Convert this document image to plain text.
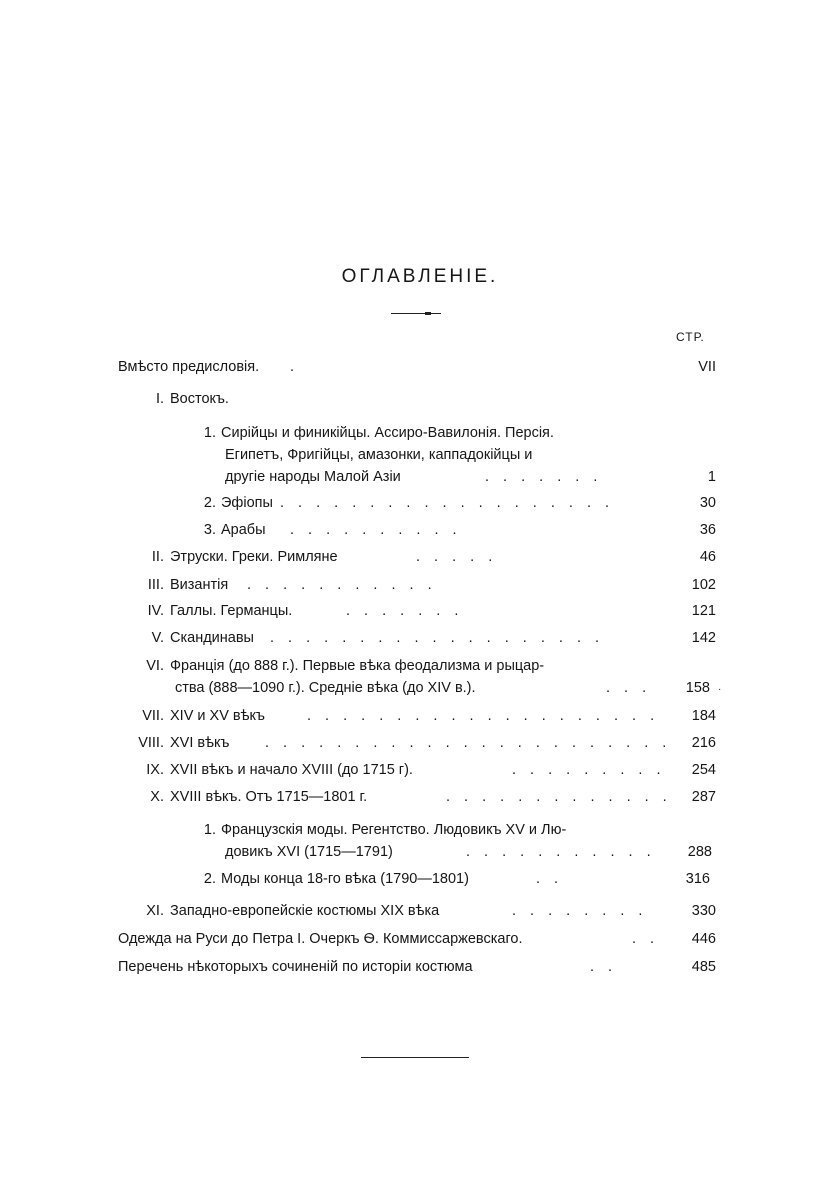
ОГЛАВЛЕНIЕ.
СТР.
Вмѣсто предисловія. .	VII
I. Востокъ.
1. Сирійцы и финикійцы. Ассиро-Вавилонія. Персія.
Египетъ, Фригійцы, амазонки, каппадокійцы и
другіе народы Малой Азіи	. . . . . . .	1
2. Эфіопы . . . . . . . . . . . . . . . . . . .	30
3. Арабы . . . . . . . . . .	36
II. Этруски. Греки. Римляне	. . . . .	46
III. Византія . . . . . . . . . . .	102
IV. Галлы. Германцы.	. . . . . . .	121
V. Скандинавы . . . . . . . . . . . . . . . . . . .	142
VI. Францiя (до 888 г.). Первые вѣка феодализма и рыцар-
ства (888—1090 г.). Средніе вѣка (до XIV в.).	. . .	158 ·
VII. XIV и XV вѣкъ	. . . . . . . . . . . . . . . . . . . .	184
VIII. XVI вѣкъ . . . . . . . . . . . . . . . . . . . . . . .	216
IX. XVII вѣкъ и начало XVIII (до 1715 г).	. . . . . . . . .	254
X. XVIII вѣкъ. Отъ 1715—1801 г.	. . . . . . . . . . . . .	287
1. Французскія моды. Регентство. Людовикъ XV и Лю-
довикъ XVI (1715—1791)	. . . . . . . . . . .	288
2. Моды конца 18-го вѣка (1790—1801)	. .	316
XI. Западно-европейскіе костюмы XIX вѣка	. . . . . . . .	330
Одежда на Руси до Петра I. Очеркъ Ѳ. Коммиссаржевскаго.	. .	446
Перечень нѣкоторыхъ сочиненій по исторіи костюма	. .	485
